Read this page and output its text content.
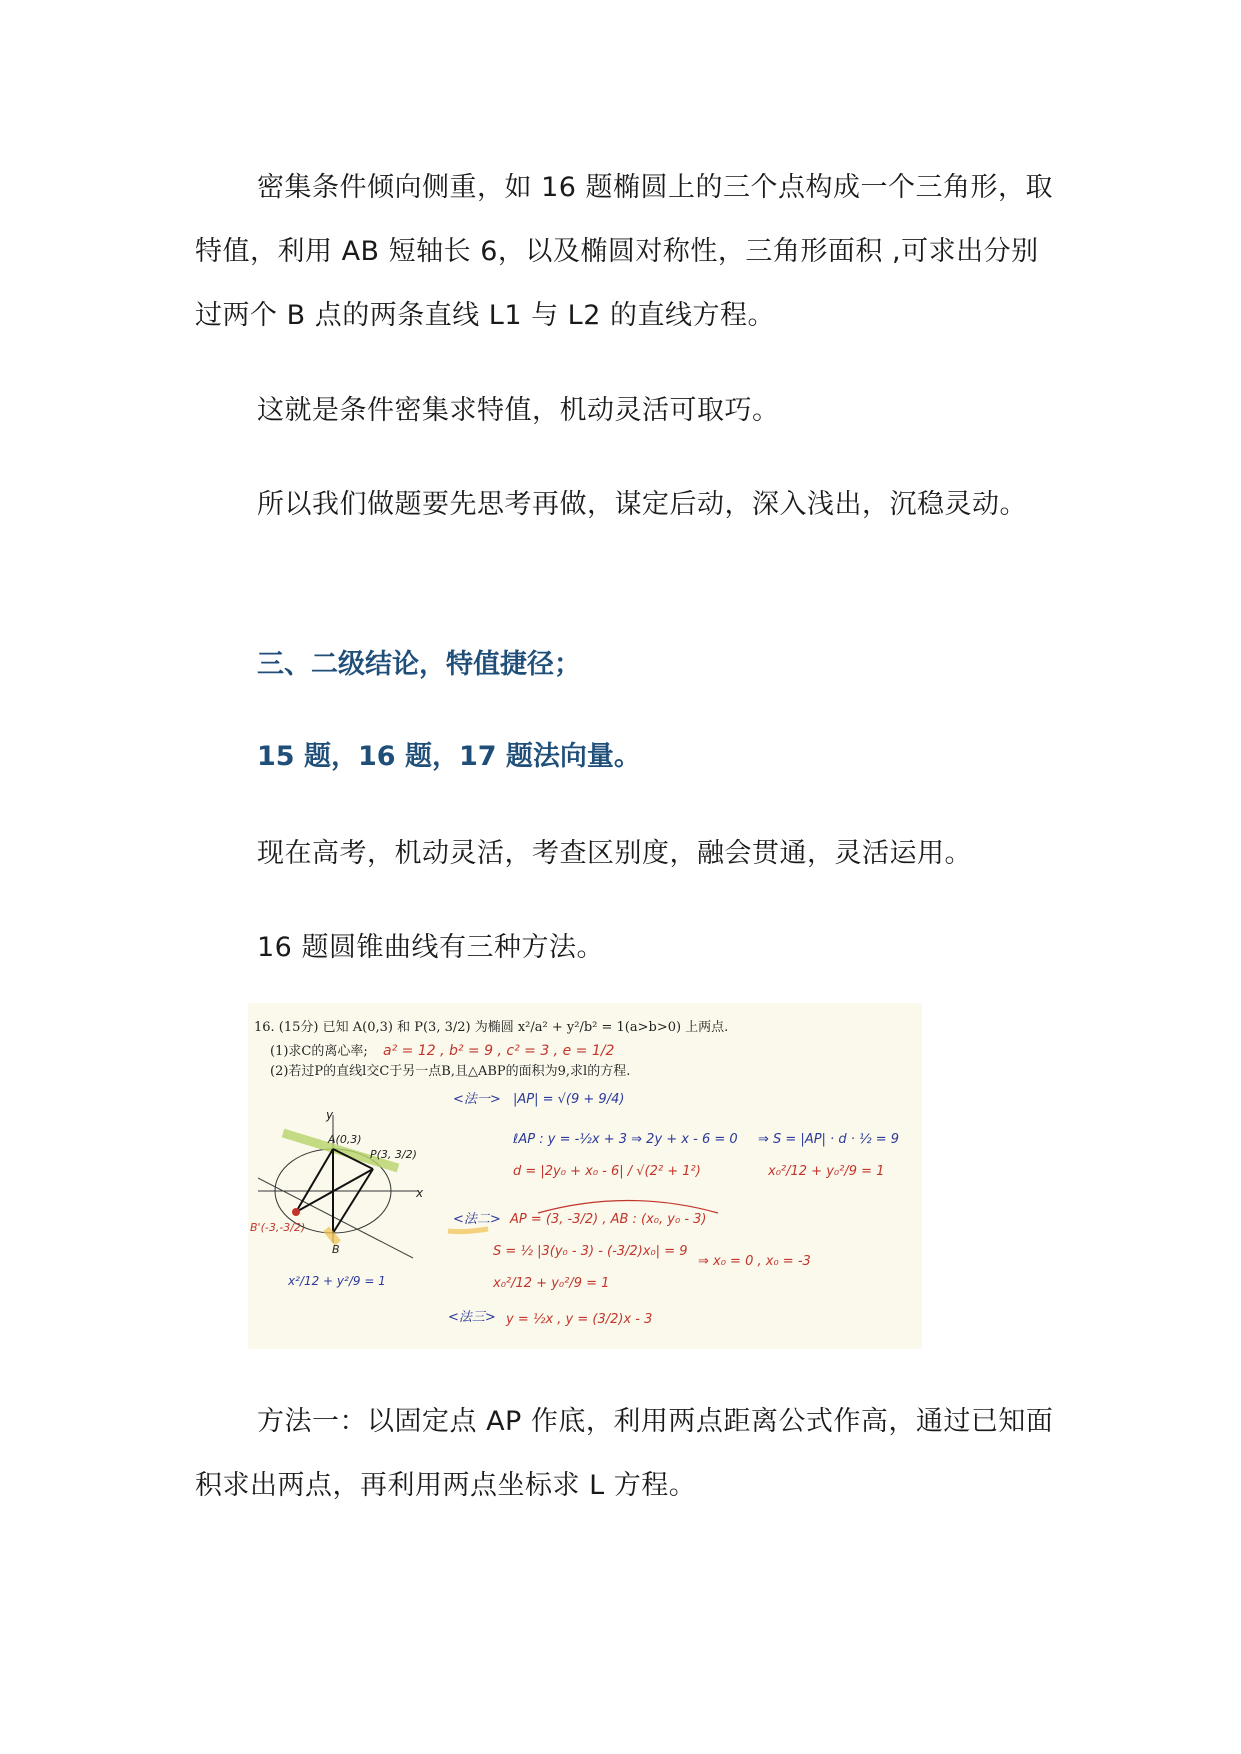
密集条件倾向侧重，如 16 题椭圆上的三个点构成一个三角形，取特值，利用 AB 短轴长 6，以及椭圆对称性，三角形面积 ,可求出分别过两个 B 点的两条直线 L1 与 L2 的直线方程。

这就是条件密集求特值，机动灵活可取巧。

所以我们做题要先思考再做，谋定后动，深入浅出，沉稳灵动。

三、二级结论，特值捷径；
15 题，16 题，17 题法向量。

现在高考，机动灵活，考查区别度，融会贯通，灵活运用。

16 题圆锥曲线有三种方法。

16. (15分) 已知 A(0,3) 和 P(3, 3/2) 为椭圆 x²/a² + y²/b² = 1(a>b>0) 上两点.
(1)求C的离心率; a² = 12 , b² = 9 , c² = 3 , e = 1/2
(2)若过P的直线l交C于另一点B,且△ABP的面积为9,求l的方程.
<法一> |AP| = √(9 + 9/4)
ℓAP : y = -½x + 3 ⇒ 2y + x - 6 = 0 ⇒ S = |AP| · d · ½ = 9
d = |2y₀ + x₀ - 6| / √(2² + 1²)	x₀²/12 + y₀²/9 = 1
<法二> AP = (3, -3/2) , AB : (x₀, y₀ - 3)
S = ½ |3(y₀ - 3) - (-3/2)x₀| = 9
⇒ x₀ = 0 , x₀ = -3
x₀²/12 + y₀²/9 = 1
<法三> y = ½x , y = (3/2)x - 3
y
x
A(0,3)
P(3, 3/2)
B
B'(-3,-3/2)
x²/12 + y²/9 = 1

方法一：以固定点 AP 作底，利用两点距离公式作高，通过已知面积求出两点，再利用两点坐标求 L 方程。
